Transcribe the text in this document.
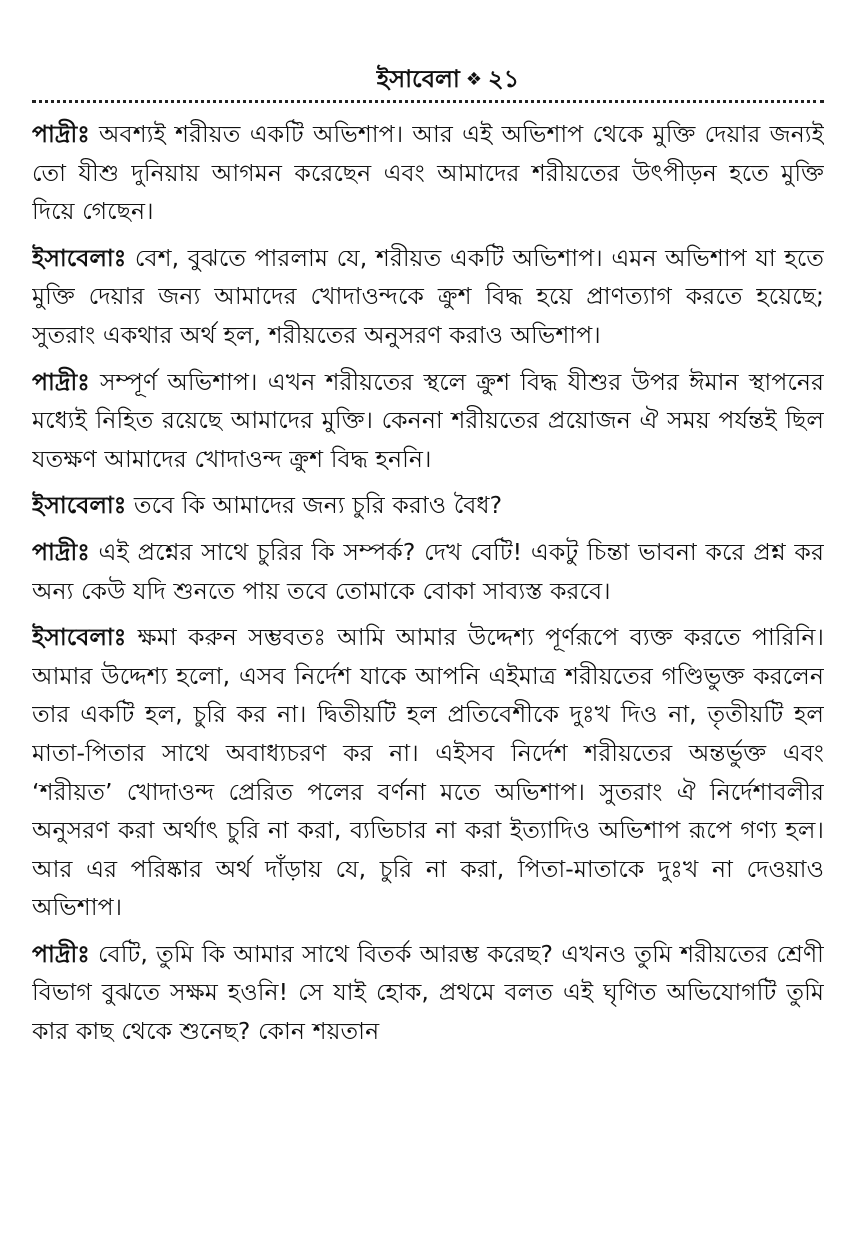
ইসাবেলা ❖ ২১

পাদ্রীঃ অবশ্যই শরীয়ত একটি অভিশাপ। আর এই অভিশাপ থেকে মুক্তি দেয়ার জন্যই তো যীশু দুনিয়ায় আগমন করেছেন এবং আমাদের শরীয়তের উৎপীড়ন হতে মুক্তি দিয়ে গেছেন।

ইসাবেলাঃ বেশ, বুঝতে পারলাম যে, শরীয়ত একটি অভিশাপ। এমন অভিশাপ যা হতে মুক্তি দেয়ার জন্য আমাদের খোদাওন্দকে ক্রুশ বিদ্ধ হয়ে প্রাণত্যাগ করতে হয়েছে; সুতরাং একথার অর্থ হল, শরীয়তের অনুসরণ করাও অভিশাপ।

পাদ্রীঃ সম্পূর্ণ অভিশাপ। এখন শরীয়তের স্থলে ক্রুশ বিদ্ধ যীশুর উপর ঈমান স্থাপনের মধ্যেই নিহিত রয়েছে আমাদের মুক্তি। কেননা শরীয়তের প্রয়োজন ঐ সময় পর্যন্তই ছিল যতক্ষণ আমাদের খোদাওন্দ ক্রুশ বিদ্ধ হননি।

ইসাবেলাঃ তবে কি আমাদের জন্য চুরি করাও বৈধ?

পাদ্রীঃ এই প্রশ্নের সাথে চুরির কি সম্পর্ক? দেখ বেটি! একটু চিন্তা ভাবনা করে প্রশ্ন কর অন্য কেউ যদি শুনতে পায় তবে তোমাকে বোকা সাব্যস্ত করবে।

ইসাবেলাঃ ক্ষমা করুন সম্ভবতঃ আমি আমার উদ্দেশ্য পূর্ণরূপে ব্যক্ত করতে পারিনি। আমার উদ্দেশ্য হলো, এসব নির্দেশ যাকে আপনি এইমাত্র শরীয়তের গণ্ডিভুক্ত করলেন তার একটি হল, চুরি কর না। দ্বিতীয়টি হল প্রতিবেশীকে দুঃখ দিও না, তৃতীয়টি হল মাতা-পিতার সাথে অবাধ্যচরণ কর না। এইসব নির্দেশ শরীয়তের অন্তর্ভুক্ত এবং ‘শরীয়ত’ খোদাওন্দ প্রেরিত পলের বর্ণনা মতে অভিশাপ। সুতরাং ঐ নির্দেশাবলীর অনুসরণ করা অর্থাৎ চুরি না করা, ব্যভিচার না করা ইত্যাদিও অভিশাপ রূপে গণ্য হল। আর এর পরিষ্কার অর্থ দাঁড়ায় যে, চুরি না করা, পিতা-মাতাকে দুঃখ না দেওয়াও অভিশাপ।

পাদ্রীঃ বেটি, তুমি কি আমার সাথে বিতর্ক আরম্ভ করেছ? এখনও তুমি শরীয়তের শ্রেণী বিভাগ বুঝতে সক্ষম হওনি! সে যাই হোক, প্রথমে বলত এই ঘৃণিত অভিযোগটি তুমি কার কাছ থেকে শুনেছ? কোন শয়তান
